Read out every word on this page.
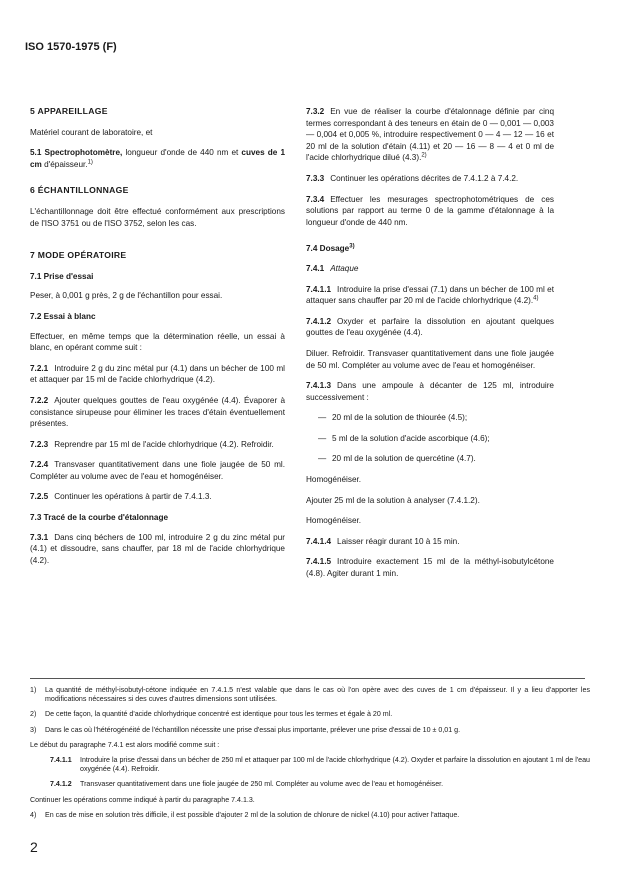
ISO 1570-1975 (F)
5 APPAREILLAGE
Matériel courant de laboratoire, et
5.1 Spectrophotomètre, longueur d'onde de 440 nm et cuves de 1 cm d'épaisseur.$^{1)}$
6 ÉCHANTILLONNAGE
L'échantillonnage doit être effectué conformément aux prescriptions de l'ISO 3751 ou de l'ISO 3752, selon les cas.
7 MODE OPÉRATOIRE
7.1 Prise d'essai
Peser, à 0,001 g près, 2 g de l'échantillon pour essai.
7.2 Essai à blanc
Effectuer, en même temps que la détermination réelle, un essai à blanc, en opérant comme suit :
7.2.1 Introduire 2 g du zinc métal pur (4.1) dans un bécher de 100 ml et attaquer par 15 ml de l'acide chlorhydrique (4.2).
7.2.2 Ajouter quelques gouttes de l'eau oxygénée (4.4). Évaporer à consistance sirupeuse pour éliminer les traces d'étain éventuellement présentes.
7.2.3 Reprendre par 15 ml de l'acide chlorhydrique (4.2). Refroidir.
7.2.4 Transvaser quantitativement dans une fiole jaugée de 50 ml. Compléter au volume avec de l'eau et homogénéiser.
7.2.5 Continuer les opérations à partir de 7.4.1.3.
7.3 Tracé de la courbe d'étalonnage
7.3.1 Dans cinq béchers de 100 ml, introduire 2 g du zinc métal pur (4.1) et dissoudre, sans chauffer, par 18 ml de l'acide chlorhydrique (4.2).
7.3.2 En vue de réaliser la courbe d'étalonnage définie par cinq termes correspondant à des teneurs en étain de 0 — 0,001 — 0,003 — 0,004 et 0,005 %, introduire respectivement 0 — 4 — 12 — 16 et 20 ml de la solution d'étain (4.11) et 20 — 16 — 8 — 4 et 0 ml de l'acide chlorhydrique dilué (4.3).$^{2)}$
7.3.3 Continuer les opérations décrites de 7.4.1.2 à 7.4.2.
7.3.4 Effectuer les mesurages spectrophotométriques de ces solutions par rapport au terme 0 de la gamme d'étalonnage à la longueur d'onde de 440 nm.
7.4 Dosage$^{3)}$
7.4.1 Attaque
7.4.1.1 Introduire la prise d'essai (7.1) dans un bécher de 100 ml et attaquer sans chauffer par 20 ml de l'acide chlorhydrique (4.2).$^{4)}$
7.4.1.2 Oxyder et parfaire la dissolution en ajoutant quelques gouttes de l'eau oxygénée (4.4).
Diluer. Refroidir. Transvaser quantitativement dans une fiole jaugée de 50 ml. Compléter au volume avec de l'eau et homogénéiser.
7.4.1.3 Dans une ampoule à décanter de 125 ml, introduire successivement :
— 20 ml de la solution de thiourée (4.5);
— 5 ml de la solution d'acide ascorbique (4.6);
— 20 ml de la solution de quercétine (4.7).
Homogénéiser.
Ajouter 25 ml de la solution à analyser (7.4.1.2).
Homogénéiser.
7.4.1.4 Laisser réagir durant 10 à 15 min.
7.4.1.5 Introduire exactement 15 ml de la méthyl-isobutylcétone (4.8). Agiter durant 1 min.
1)	La quantité de méthyl-isobutyl-cétone indiquée en 7.4.1.5 n'est valable que dans le cas où l'on opère avec des cuves de 1 cm d'épaisseur. Il y a lieu d'apporter les modifications nécessaires si des cuves d'autres dimensions sont utilisées.
2)	De cette façon, la quantité d'acide chlorhydrique concentré est identique pour tous les termes et égale à 20 ml.
3)	Dans le cas où l'hétérogénéité de l'échantillon nécessite une prise d'essai plus importante, prélever une prise d'essai de 10 ± 0,01 g.
Le début du paragraphe 7.4.1 est alors modifié comme suit :
7.4.1.1	Introduire la prise d'essai dans un bécher de 250 ml et attaquer par 100 ml de l'acide chlorhydrique (4.2). Oxyder et parfaire la dissolution en ajoutant 1 ml de l'eau oxygénée (4.4). Refroidir.
7.4.1.2	Transvaser quantitativement dans une fiole jaugée de 250 ml. Compléter au volume avec de l'eau et homogénéiser.
Continuer les opérations comme indiqué à partir du paragraphe 7.4.1.3.
4)	En cas de mise en solution très difficile, il est possible d'ajouter 2 ml de la solution de chlorure de nickel (4.10) pour activer l'attaque.
2
